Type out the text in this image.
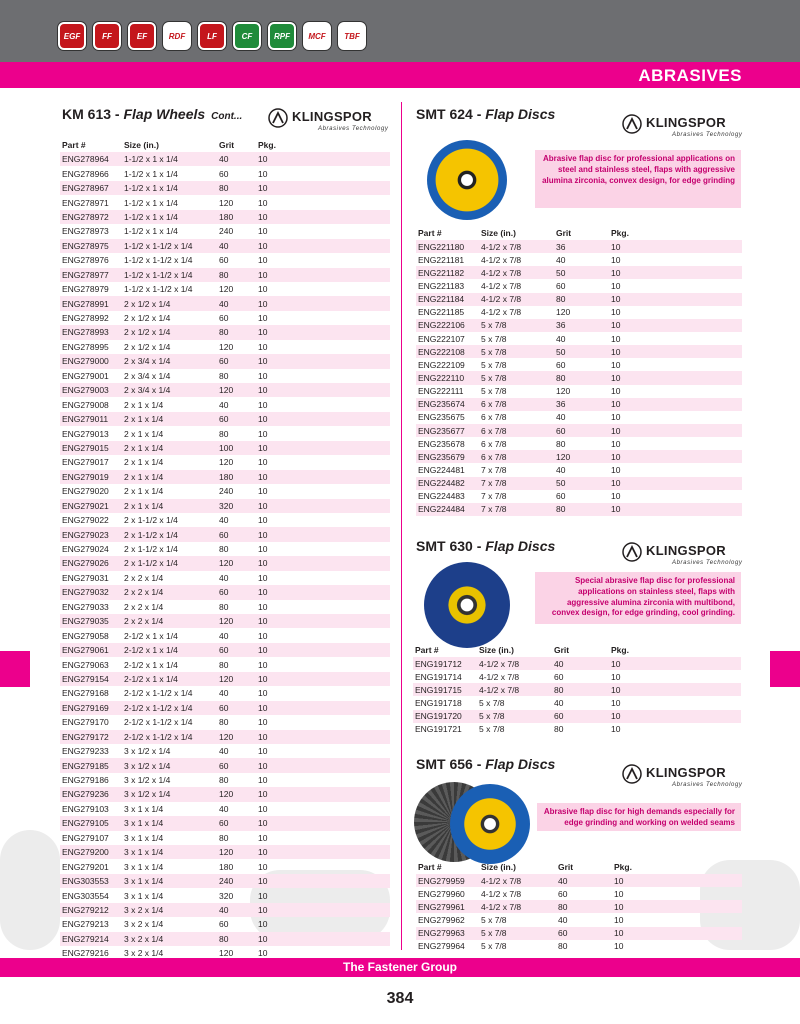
EGF	FF	EF	RDF	LF	CF	RPF	MCF	TBF
ABRASIVES
KM 613 - Flap Wheels Cont...	KLINGSPOR
Abrasives Technology
Part #	Size (in.)	Grit	Pkg.
ENG278964	1-1/2 x 1 x 1/4	40	10
ENG278966	1-1/2 x 1 x 1/4	60	10
ENG278967	1-1/2 x 1 x 1/4	80	10
ENG278971	1-1/2 x 1 x 1/4	120	10
ENG278972	1-1/2 x 1 x 1/4	180	10
ENG278973	1-1/2 x 1 x 1/4	240	10
ENG278975	1-1/2 x 1-1/2 x 1/4	40	10
ENG278976	1-1/2 x 1-1/2 x 1/4	60	10
ENG278977	1-1/2 x 1-1/2 x 1/4	80	10
ENG278979	1-1/2 x 1-1/2 x 1/4	120	10
ENG278991	2 x 1/2 x 1/4	40	10
ENG278992	2 x 1/2 x 1/4	60	10
ENG278993	2 x 1/2 x 1/4	80	10
ENG278995	2 x 1/2 x 1/4	120	10
ENG279000	2 x 3/4 x 1/4	60	10
ENG279001	2 x 3/4 x 1/4	80	10
ENG279003	2 x 3/4 x 1/4	120	10
ENG279008	2 x 1 x 1/4	40	10
ENG279011	2 x 1 x 1/4	60	10
ENG279013	2 x 1 x 1/4	80	10
ENG279015	2 x 1 x 1/4	100	10
ENG279017	2 x 1 x 1/4	120	10
ENG279019	2 x 1 x 1/4	180	10
ENG279020	2 x 1 x 1/4	240	10
ENG279021	2 x 1 x 1/4	320	10
ENG279022	2 x 1-1/2 x 1/4	40	10
ENG279023	2 x 1-1/2 x 1/4	60	10
ENG279024	2 x 1-1/2 x 1/4	80	10
ENG279026	2 x 1-1/2 x 1/4	120	10
ENG279031	2 x 2 x 1/4	40	10
ENG279032	2 x 2 x 1/4	60	10
ENG279033	2 x 2 x 1/4	80	10
ENG279035	2 x 2 x 1/4	120	10
ENG279058	2-1/2 x 1 x 1/4	40	10
ENG279061	2-1/2 x 1 x 1/4	60	10
ENG279063	2-1/2 x 1 x 1/4	80	10
ENG279154	2-1/2 x 1 x 1/4	120	10
ENG279168	2-1/2 x 1-1/2 x 1/4	40	10
ENG279169	2-1/2 x 1-1/2 x 1/4	60	10
ENG279170	2-1/2 x 1-1/2 x 1/4	80	10
ENG279172	2-1/2 x 1-1/2 x 1/4	120	10
ENG279233	3 x 1/2 x 1/4	40	10
ENG279185	3 x 1/2 x 1/4	60	10
ENG279186	3 x 1/2 x 1/4	80	10
ENG279236	3 x 1/2 x 1/4	120	10
ENG279103	3 x 1 x 1/4	40	10
ENG279105	3 x 1 x 1/4	60	10
ENG279107	3 x 1 x 1/4	80	10
ENG279200	3 x 1 x 1/4	120	10
ENG279201	3 x 1 x 1/4	180	10
ENG303553	3 x 1 x 1/4	240	10
ENG303554	3 x 1 x 1/4	320	10
ENG279212	3 x 2 x 1/4	40	10
ENG279213	3 x 2 x 1/4	60	10
ENG279214	3 x 2 x 1/4	80	10
ENG279216	3 x 2 x 1/4	120	10
SMT 624 - Flap Discs
KLINGSPOR
Abrasives Technology
Abrasive flap disc for professional applications on steel and stainless steel, flaps with aggressive alumina zirconia, convex design, for edge grinding
Part #	Size (in.)	Grit	Pkg.
ENG221180	4-1/2 x 7/8	36	10
ENG221181	4-1/2 x 7/8	40	10
ENG221182	4-1/2 x 7/8	50	10
ENG221183	4-1/2 x 7/8	60	10
ENG221184	4-1/2 x 7/8	80	10
ENG221185	4-1/2 x 7/8	120	10
ENG222106	5 x 7/8	36	10
ENG222107	5 x 7/8	40	10
ENG222108	5 x 7/8	50	10
ENG222109	5 x 7/8	60	10
ENG222110	5 x 7/8	80	10
ENG222111	5 x 7/8	120	10
ENG235674	6 x 7/8	36	10
ENG235675	6 x 7/8	40	10
ENG235677	6 x 7/8	60	10
ENG235678	6 x 7/8	80	10
ENG235679	6 x 7/8	120	10
ENG224481	7 x 7/8	40	10
ENG224482	7 x 7/8	50	10
ENG224483	7 x 7/8	60	10
ENG224484	7 x 7/8	80	10
SMT 630 - Flap Discs	KLINGSPOR
Abrasives Technology
Special abrasive flap disc for professional applications on stainless steel, flaps with aggressive alumina zirconia with multibond, convex design, for edge grinding, cool grinding.
Part #	Size (in.)	Grit	Pkg.
ENG191712	4-1/2 x 7/8	40	10
ENG191714	4-1/2 x 7/8	60	10
ENG191715	4-1/2 x 7/8	80	10
ENG191718	5 x 7/8	40	10
ENG191720	5 x 7/8	60	10
ENG191721	5 x 7/8	80	10
SMT 656 - Flap Discs
KLINGSPOR
Abrasives Technology
Abrasive flap disc for high demands especially for edge grinding and working on welded seams
Part #	Size (in.)	Grit	Pkg.
ENG279959	4-1/2 x 7/8	40	10
ENG279960	4-1/2 x 7/8	60	10
ENG279961	4-1/2 x 7/8	80	10
ENG279962	5 x 7/8	40	10
ENG279963	5 x 7/8	60	10
ENG279964	5 x 7/8	80	10
The Fastener Group
384
